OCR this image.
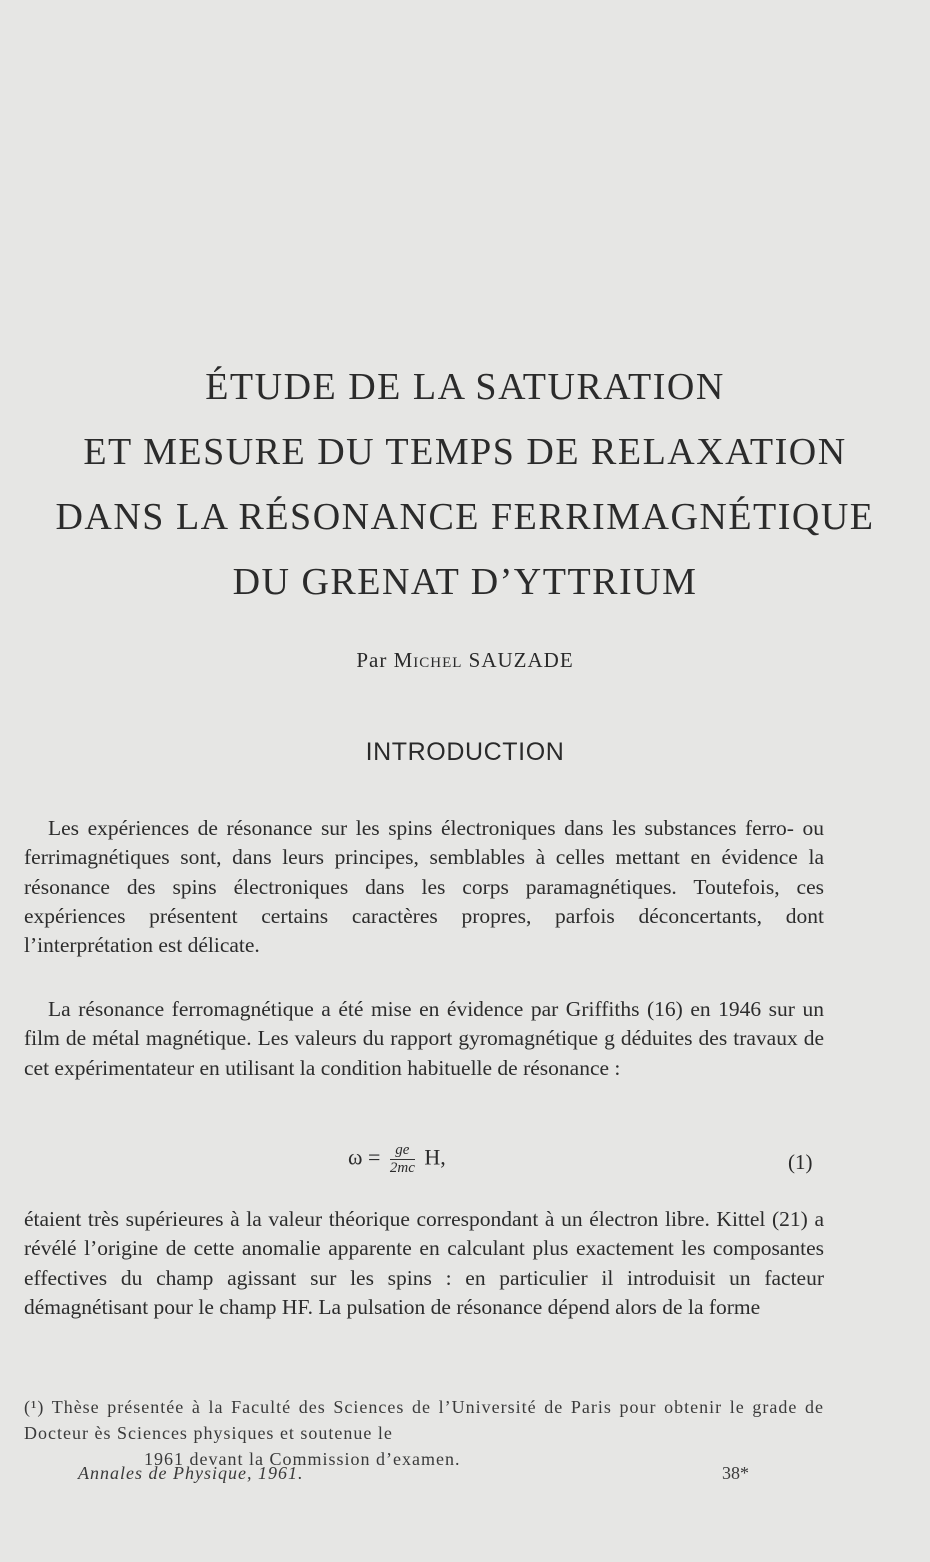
ÉTUDE DE LA SATURATION
ET MESURE DU TEMPS DE RELAXATION
DANS LA RÉSONANCE FERRIMAGNÉTIQUE
DU GRENAT D’YTTRIUM
Par Michel SAUZADE
INTRODUCTION

Les expériences de résonance sur les spins électroniques dans les substances ferro- ou ferrimagnétiques sont, dans leurs principes, semblables à celles mettant en évidence la résonance des spins électroniques dans les corps paramagnétiques. Toutefois, ces expériences présentent certains caractères propres, parfois déconcertants, dont l’interprétation est délicate.

La résonance ferromagnétique a été mise en évidence par Griffiths (16) en 1946 sur un film de métal magnétique. Les valeurs du rapport gyromagnétique g déduites des travaux de cet expérimentateur en utilisant la condition habituelle de résonance :

$\omega = \frac{ge}{2mc} H$,	(1)

étaient très supérieures à la valeur théorique correspondant à un électron libre. Kittel (21) a révélé l’origine de cette anomalie apparente en calculant plus exactement les composantes effectives du champ agissant sur les spins : en particulier il introduisit un facteur démagnétisant pour le champ HF. La pulsation de résonance dépend alors de la forme

(¹) Thèse présentée à la Faculté des Sciences de l’Université de Paris pour obtenir le grade de Docteur ès Sciences physiques et soutenue le
1961 devant la Commission d’examen.
Annales de Physique, 1961.	38*
